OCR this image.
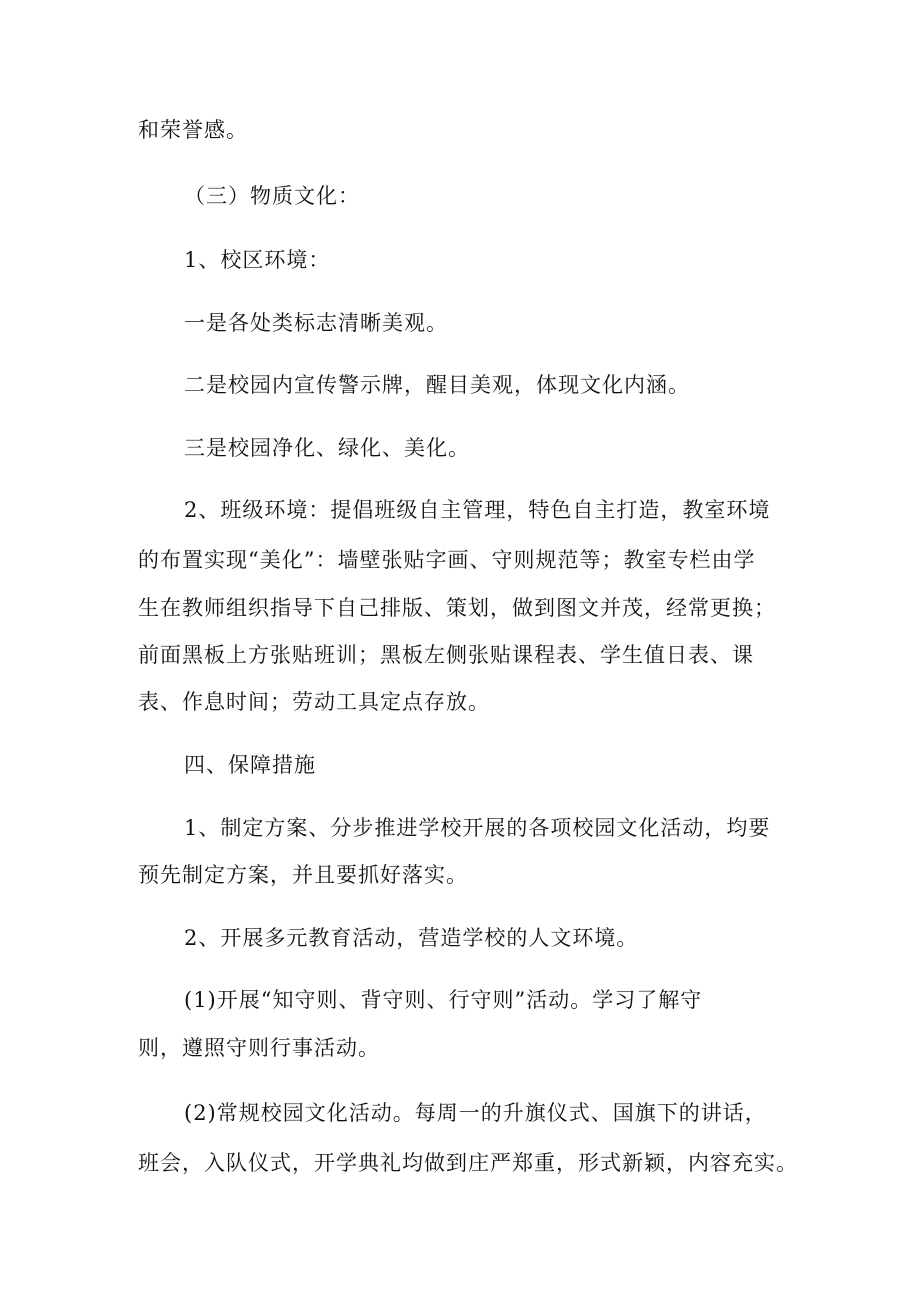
和荣誉感。
（三）物质文化：
1、校区环境：
一是各处类标志清晰美观。
二是校园内宣传警示牌，醒目美观，体现文化内涵。
三是校园净化、绿化、美化。
2、班级环境：提倡班级自主管理，特色自主打造，教室环境
的布置实现“美化”：墙壁张贴字画、守则规范等；教室专栏由学
生在教师组织指导下自己排版、策划，做到图文并茂，经常更换；
前面黑板上方张贴班训；黑板左侧张贴课程表、学生值日表、课
表、作息时间；劳动工具定点存放。
四、保障措施
1、制定方案、分步推进学校开展的各项校园文化活动，均要
预先制定方案，并且要抓好落实。
2、开展多元教育活动，营造学校的人文环境。
(1)开展“知守则、背守则、行守则”活动。学习了解守
则，遵照守则行事活动。
(2)常规校园文化活动。每周一的升旗仪式、国旗下的讲话，
班会，入队仪式，开学典礼均做到庄严郑重，形式新颖，内容充实。
